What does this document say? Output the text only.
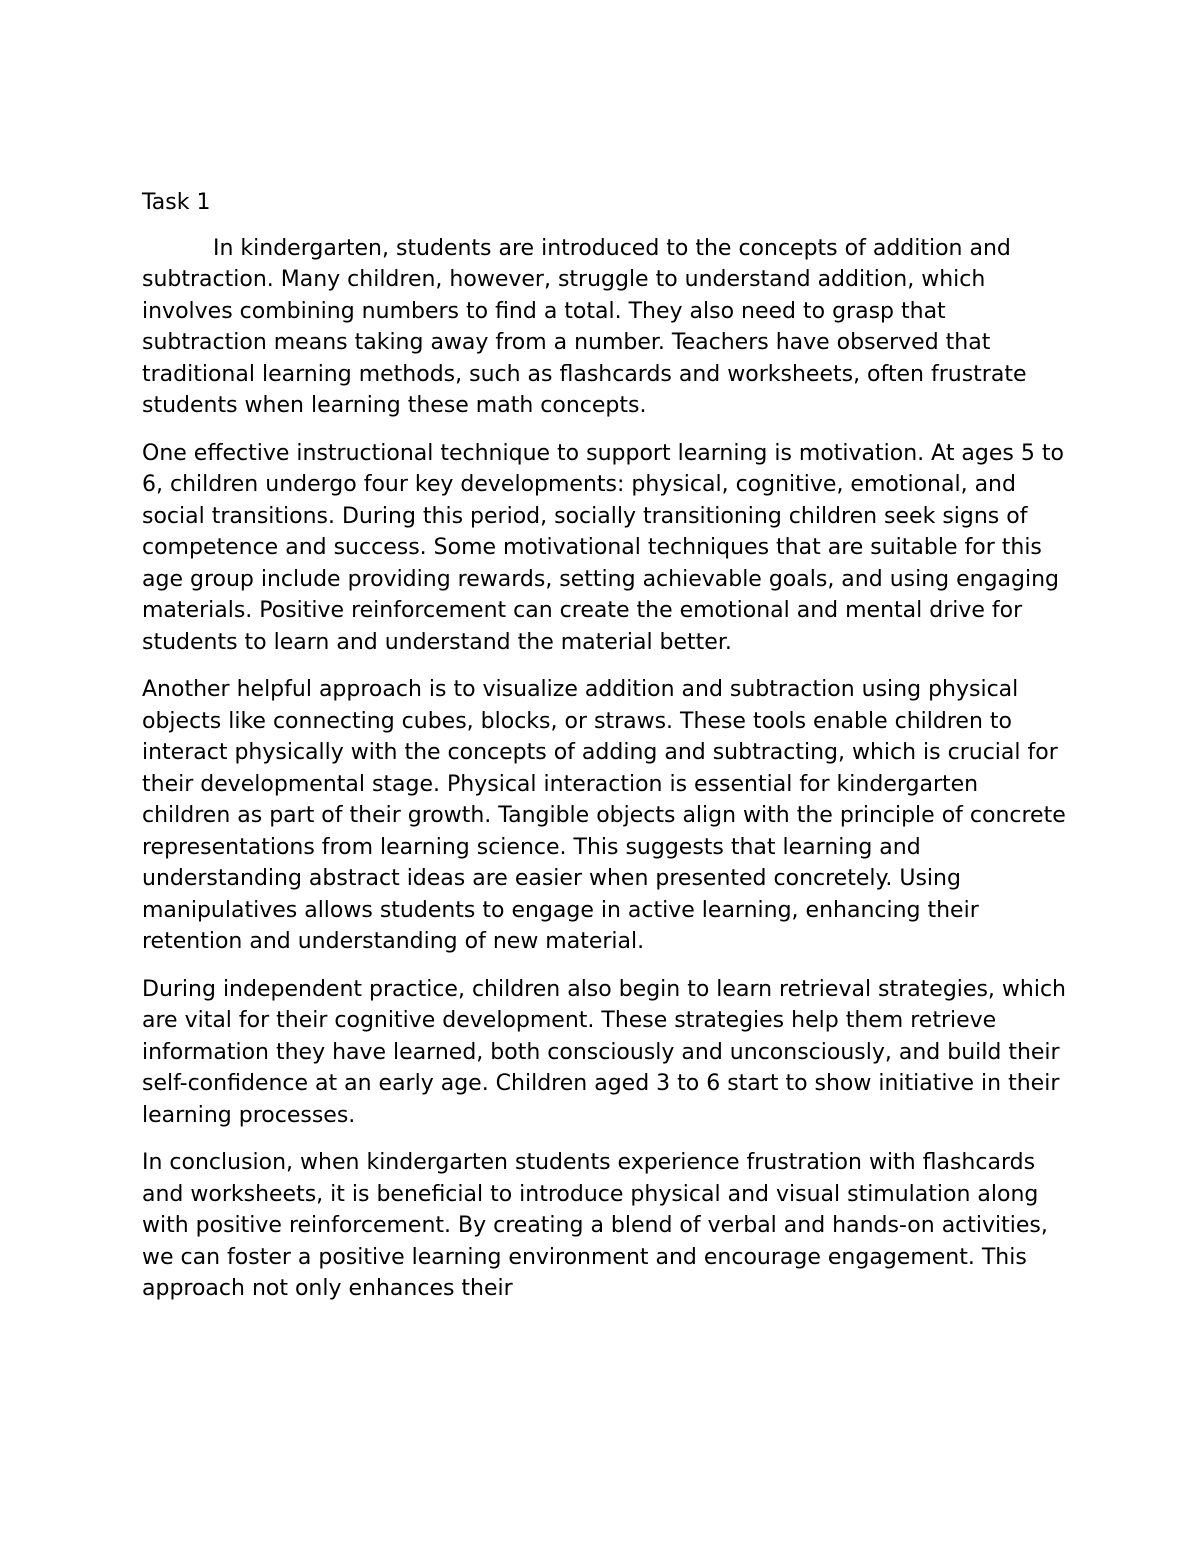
Task 1

In kindergarten, students are introduced to the concepts of addition and subtraction. Many children, however, struggle to understand addition, which involves combining numbers to find a total. They also need to grasp that subtraction means taking away from a number. Teachers have observed that traditional learning methods, such as flashcards and worksheets, often frustrate students when learning these math concepts.

One effective instructional technique to support learning is motivation. At ages 5 to 6, children undergo four key developments: physical, cognitive, emotional, and social transitions. During this period, socially transitioning children seek signs of competence and success. Some motivational techniques that are suitable for this age group include providing rewards, setting achievable goals, and using engaging materials. Positive reinforcement can create the emotional and mental drive for students to learn and understand the material better.

Another helpful approach is to visualize addition and subtraction using physical objects like connecting cubes, blocks, or straws. These tools enable children to interact physically with the concepts of adding and subtracting, which is crucial for their developmental stage. Physical interaction is essential for kindergarten children as part of their growth. Tangible objects align with the principle of concrete representations from learning science. This suggests that learning and understanding abstract ideas are easier when presented concretely. Using manipulatives allows students to engage in active learning, enhancing their retention and understanding of new material.

During independent practice, children also begin to learn retrieval strategies, which are vital for their cognitive development. These strategies help them retrieve information they have learned, both consciously and unconsciously, and build their self-confidence at an early age. Children aged 3 to 6 start to show initiative in their learning processes.

In conclusion, when kindergarten students experience frustration with flashcards and worksheets, it is beneficial to introduce physical and visual stimulation along with positive reinforcement. By creating a blend of verbal and hands-on activities, we can foster a positive learning environment and encourage engagement. This approach not only enhances their
